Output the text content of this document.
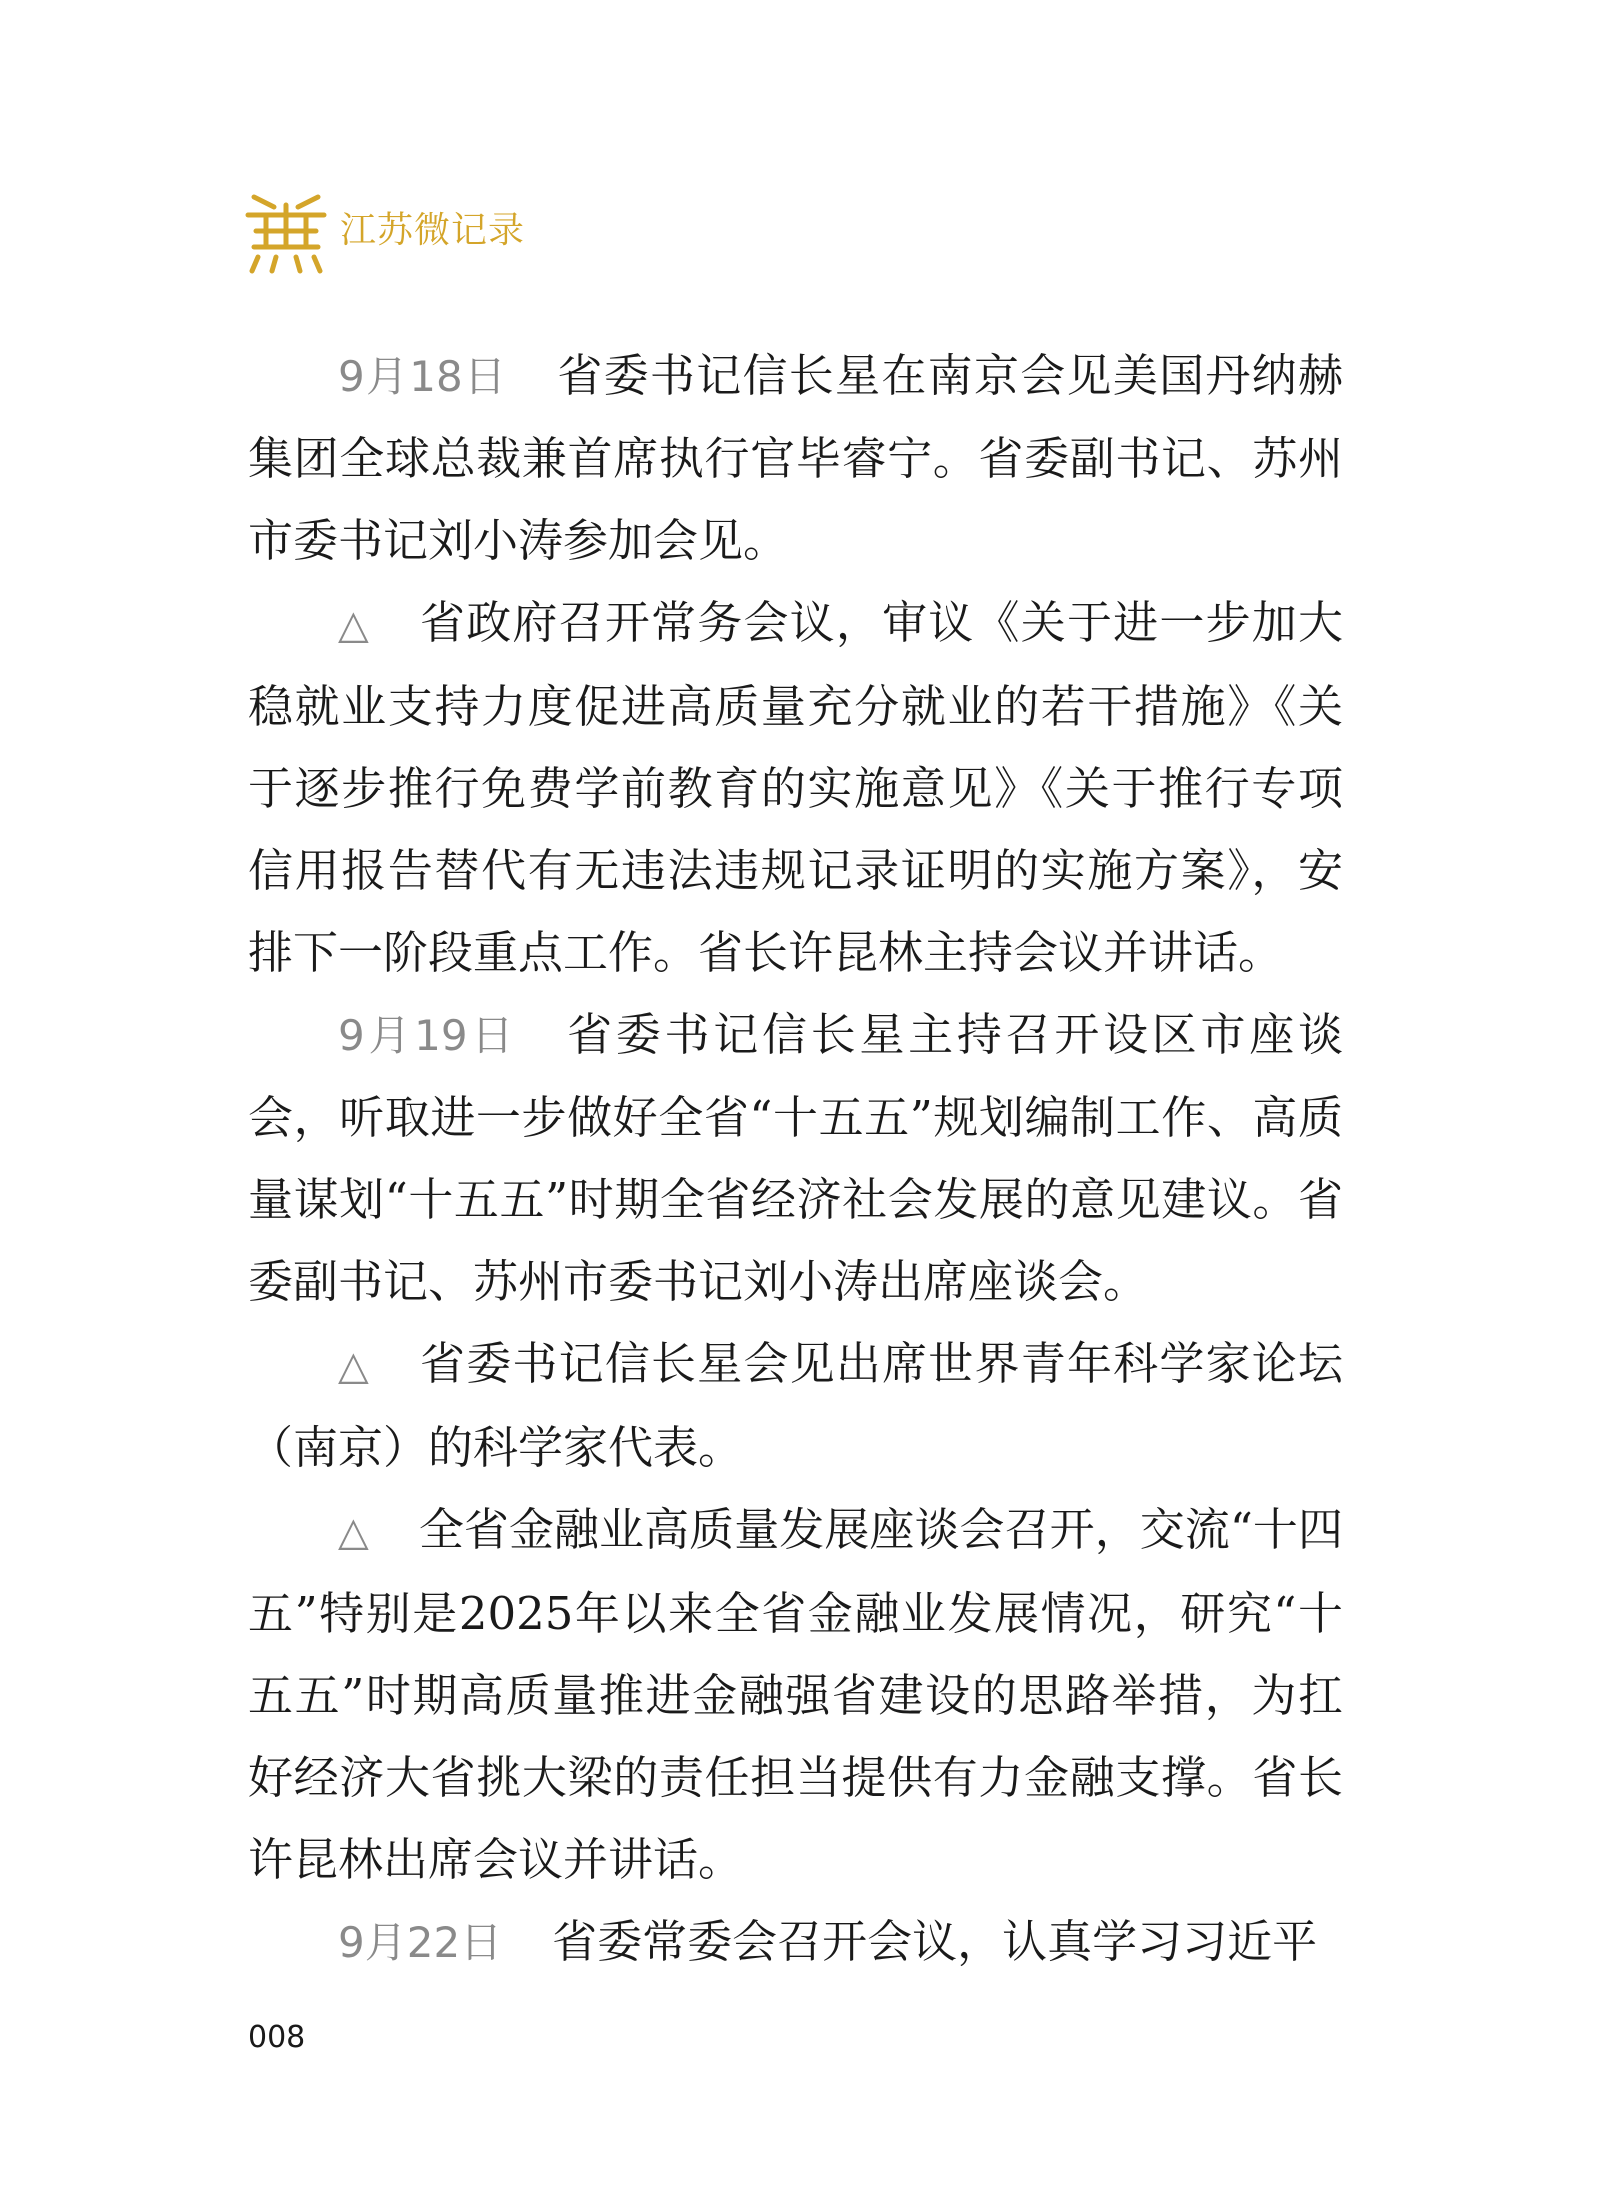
江苏微记录

9月18日 省委书记信长星在南京会见美国丹纳赫集团全球总裁兼首席执行官毕睿宁。省委副书记、苏州市委书记刘小涛参加会见。

△ 省政府召开常务会议，审议《关于进一步加大稳就业支持力度促进高质量充分就业的若干措施》《关于逐步推行免费学前教育的实施意见》《关于推行专项信用报告替代有无违法违规记录证明的实施方案》，安排下一阶段重点工作。省长许昆林主持会议并讲话。

9月19日 省委书记信长星主持召开设区市座谈会，听取进一步做好全省“十五五”规划编制工作、高质量谋划“十五五”时期全省经济社会发展的意见建议。省委副书记、苏州市委书记刘小涛出席座谈会。

△ 省委书记信长星会见出席世界青年科学家论坛（南京）的科学家代表。

△ 全省金融业高质量发展座谈会召开，交流“十四五”特别是2025年以来全省金融业发展情况，研究“十五五”时期高质量推进金融强省建设的思路举措，为扛好经济大省挑大梁的责任担当提供有力金融支撑。省长许昆林出席会议并讲话。

9月22日 省委常委会召开会议，认真学习习近平

008
